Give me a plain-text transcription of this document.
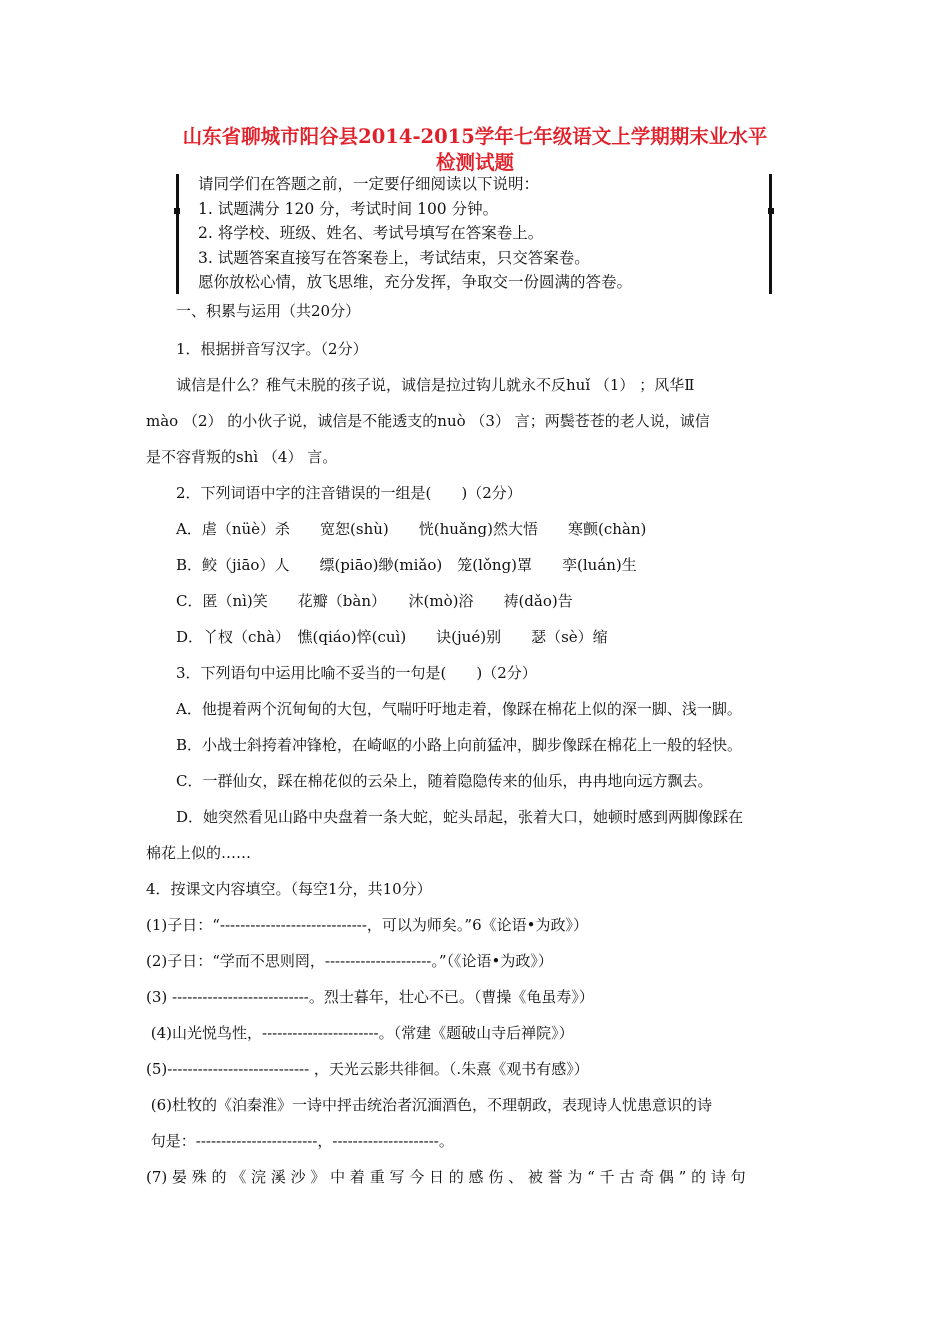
山东省聊城市阳谷县2014-2015学年七年级语文上学期期末业水平
检测试题
请同学们在答题之前，一定要仔细阅读以下说明：
1. 试题满分 120 分，考试时间 100 分钟。
2. 将学校、班级、姓名、考试号填写在答案卷上。
3. 试题答案直接写在答案卷上，考试结束，只交答案卷。
愿你放松心情，放飞思维，充分发挥，争取交一份圆满的答卷。
一、积累与运用（共20分）
1．根据拼音写汉字。（2分）
诚信是什么？稚气未脱的孩子说，诚信是拉过钩儿就永不反huǐ （1） ；风华Ⅱ
mào （2） 的小伙子说，诚信是不能透支的nuò （3） 言；两鬓苍苍的老人说，诚信
是不容背叛的shì （4） 言。
2．下列词语中字的注音错误的一组是(　　)（2分）
A．虐（nüè）杀　　宽恕(shù)　　恍(huǎng)然大悟　　寒颤(chàn)
B．鲛（jiāo）人　　缥(piāo)缈(miǎo)　笼(lǒng)罩　　孪(luán)生
C．匿（nì)笑　　花瓣（bàn）　　沐(mò)浴　　祷(dǎo)告
D．丫杈（chà）　憔(qiáo)悴(cuì)　　诀(jué)别　　瑟（sè）缩
3．下列语句中运用比喻不妥当的一句是(　　)（2分）
A．他提着两个沉甸甸的大包，气喘吁吁地走着，像踩在棉花上似的深一脚、浅一脚。
B．小战士斜挎着冲锋枪，在崎岖的小路上向前猛冲，脚步像踩在棉花上一般的轻快。
C．一群仙女，踩在棉花似的云朵上，随着隐隐传来的仙乐，冉冉地向远方飘去。
D．她突然看见山路中央盘着一条大蛇，蛇头昂起，张着大口，她顿时感到两脚像踩在
棉花上似的……
4．按课文内容填空。（每空1分，共10分）
(1)子日：“-----------------------------，可以为师矣。”6《论语•为政》）
(2)子日：“学而不思则罔，---------------------。”（《论语•为政》）
(3) ---------------------------。烈士暮年，壮心不已。（曹操《龟虽寿》）
(4)山光悦鸟性，-----------------------。（常建《题破山寺后禅院》）
(5)---------------------------- ，天光云影共徘徊。（.朱熹《观书有感》）
(6)杜牧的《泊秦淮》一诗中抨击统治者沉湎酒色，不理朝政，表现诗人忧患意识的诗
句是：------------------------，---------------------。
(7) 晏 殊 的 《 浣 溪 沙 》 中 着 重 写 今 日 的 感 伤 、 被 誉 为 “ 千 古 奇 偶 ” 的 诗 句
